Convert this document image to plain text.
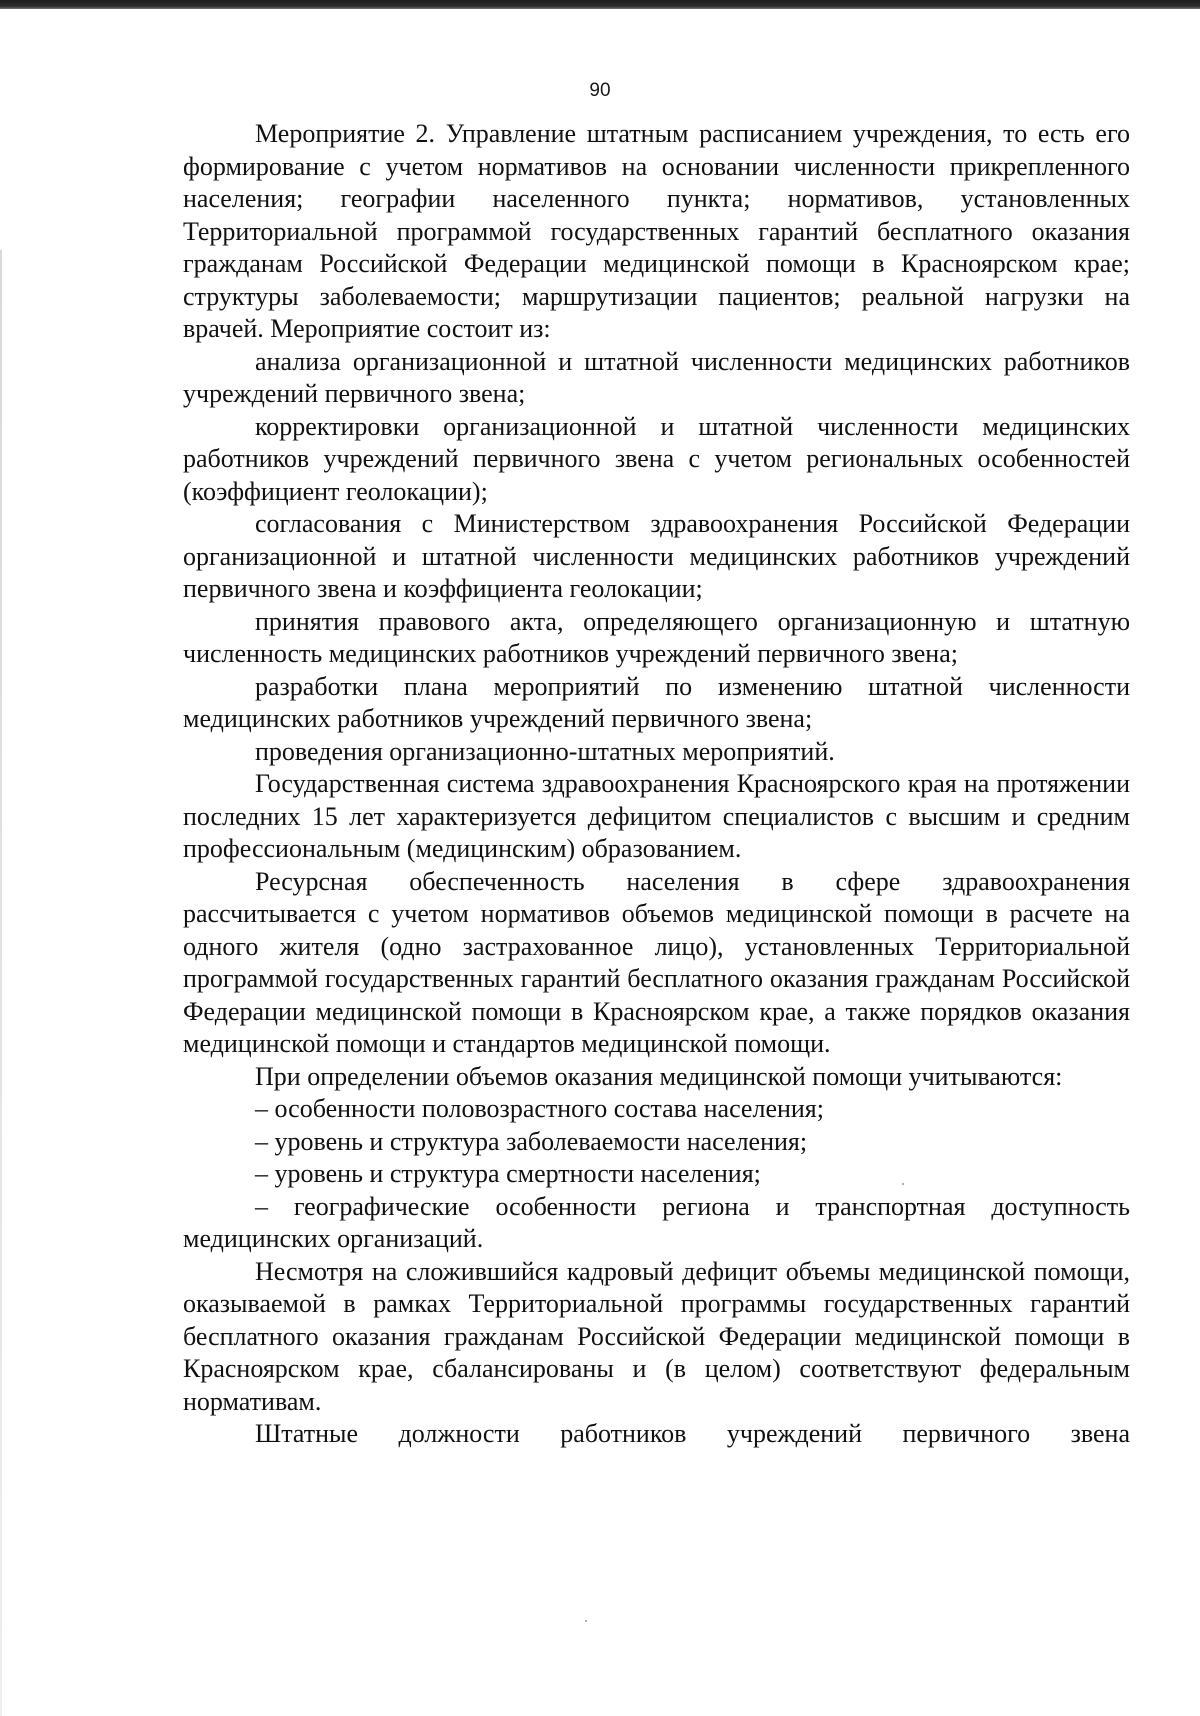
90

Мероприятие 2. Управление штатным расписанием учреждения, то есть его формирование с учетом нормативов на основании численности прикрепленного населения; географии населенного пункта; нормативов, установленных Территориальной программой государственных гарантий бесплатного оказания гражданам Российской Федерации медицинской помощи в Красноярском крае; структуры заболеваемости; маршрутизации пациентов; реальной нагрузки на врачей. Мероприятие состоит из:

анализа организационной и штатной численности медицинских работников учреждений первичного звена;

корректировки организационной и штатной численности медицинских работников учреждений первичного звена с учетом региональных особенностей (коэффициент геолокации);

согласования с Министерством здравоохранения Российской Федерации организационной и штатной численности медицинских работников учреждений первичного звена и коэффициента геолокации;

принятия правового акта, определяющего организационную и штатную численность медицинских работников учреждений первичного звена;

разработки плана мероприятий по изменению штатной численности медицинских работников учреждений первичного звена;

проведения организационно-штатных мероприятий.

Государственная система здравоохранения Красноярского края на протяжении последних 15 лет характеризуется дефицитом специалистов с высшим и средним профессиональным (медицинским) образованием.

Ресурсная обеспеченность населения в сфере здравоохранения рассчитывается с учетом нормативов объемов медицинской помощи в расчете на одного жителя (одно застрахованное лицо), установленных Территориальной программой государственных гарантий бесплатного оказания гражданам Российской Федерации медицинской помощи в Красноярском крае, а также порядков оказания медицинской помощи и стандартов медицинской помощи.

При определении объемов оказания медицинской помощи учитываются:

– особенности половозрастного состава населения;

– уровень и структура заболеваемости населения;

– уровень и структура смертности населения;

– географические особенности региона и транспортная доступность медицинских организаций.

Несмотря на сложившийся кадровый дефицит объемы медицинской помощи, оказываемой в рамках Территориальной программы государственных гарантий бесплатного оказания гражданам Российской Федерации медицинской помощи в Красноярском крае, сбалансированы и (в целом) соответствуют федеральным нормативам.

Штатные должности работников учреждений первичного звена
